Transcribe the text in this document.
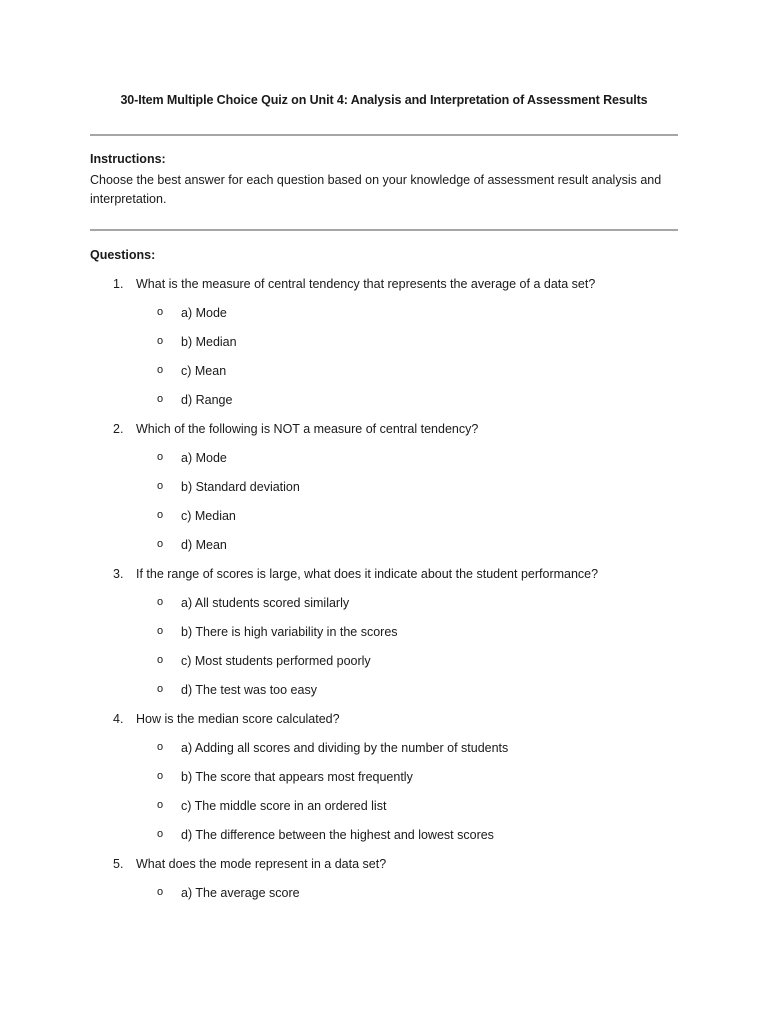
30-Item Multiple Choice Quiz on Unit 4: Analysis and Interpretation of Assessment Results
Instructions:
Choose the best answer for each question based on your knowledge of assessment result analysis and interpretation.
Questions:
1. What is the measure of central tendency that represents the average of a data set?
o a) Mode
o b) Median
o c) Mean
o d) Range
2. Which of the following is NOT a measure of central tendency?
o a) Mode
o b) Standard deviation
o c) Median
o d) Mean
3. If the range of scores is large, what does it indicate about the student performance?
o a) All students scored similarly
o b) There is high variability in the scores
o c) Most students performed poorly
o d) The test was too easy
4. How is the median score calculated?
o a) Adding all scores and dividing by the number of students
o b) The score that appears most frequently
o c) The middle score in an ordered list
o d) The difference between the highest and lowest scores
5. What does the mode represent in a data set?
o a) The average score
